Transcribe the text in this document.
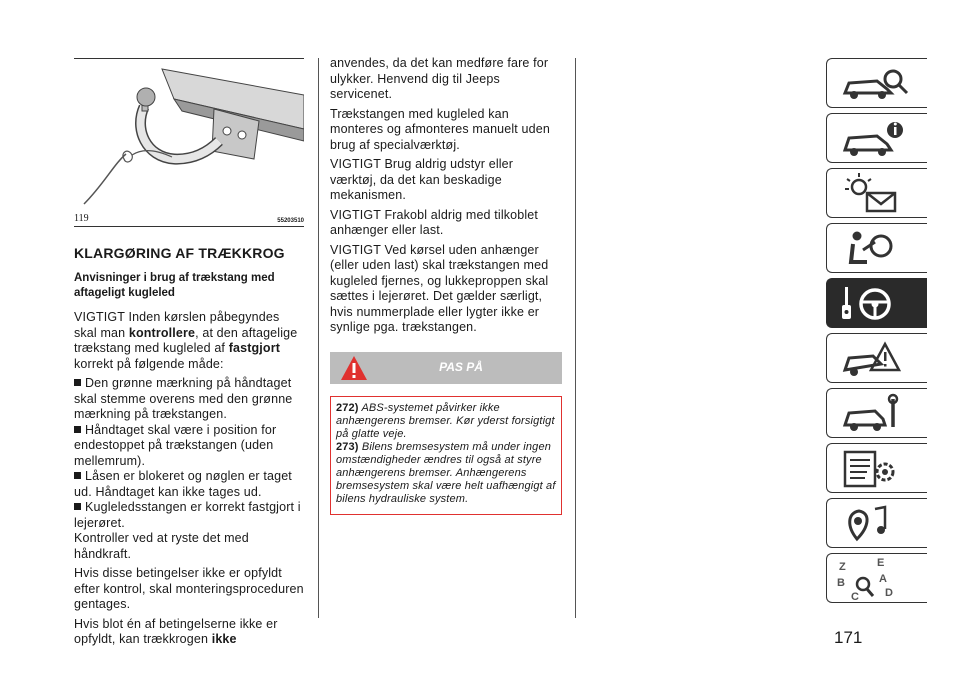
119	55203510
KLARGØRING AF TRÆKKROG
Anvisninger i brug af trækstang med aftageligt kugleled

VIGTIGT Inden kørslen påbegyndes skal man kontrollere, at den aftagelige trækstang med kugleled af fastgjort korrekt på følgende måde:

Den grønne mærkning på håndtaget skal stemme overens med den grønne mærkning på trækstangen.

Håndtaget skal være i position for endestoppet på trækstangen (uden mellemrum).

Låsen er blokeret og nøglen er taget ud. Håndtaget kan ikke tages ud.

Kugleledsstangen er korrekt fastgjort i lejerøret.

Kontroller ved at ryste det med håndkraft.

Hvis disse betingelser ikke er opfyldt efter kontrol, skal monteringsproceduren gentages.

Hvis blot én af betingelserne ikke er opfyldt, kan trækkrogen ikke

anvendes, da det kan medføre fare for ulykker. Henvend dig til Jeeps servicenet.

Trækstangen med kugleled kan monteres og afmonteres manuelt uden brug af specialværktøj.

VIGTIGT Brug aldrig udstyr eller værktøj, da det kan beskadige mekanismen.

VIGTIGT Frakobl aldrig med tilkoblet anhænger eller last.

VIGTIGT Ved kørsel uden anhænger (eller uden last) skal trækstangen med kugleled fjernes, og lukkeproppen skal sættes i lejerøret. Det gælder særligt, hvis nummerplade eller lygter ikke er synlige pga. trækstangen.

PAS PÅ

272) ABS-systemet påvirker ikke anhængerens bremser. Kør yderst forsigtigt på glatte veje.

273) Bilens bremsesystem må under ingen omstændigheder ændres til også at styre anhængerens bremser. Anhængerens bremsesystem skal være helt uafhængigt af bilens hydrauliske system.

Z	E
B	A
C D
171
